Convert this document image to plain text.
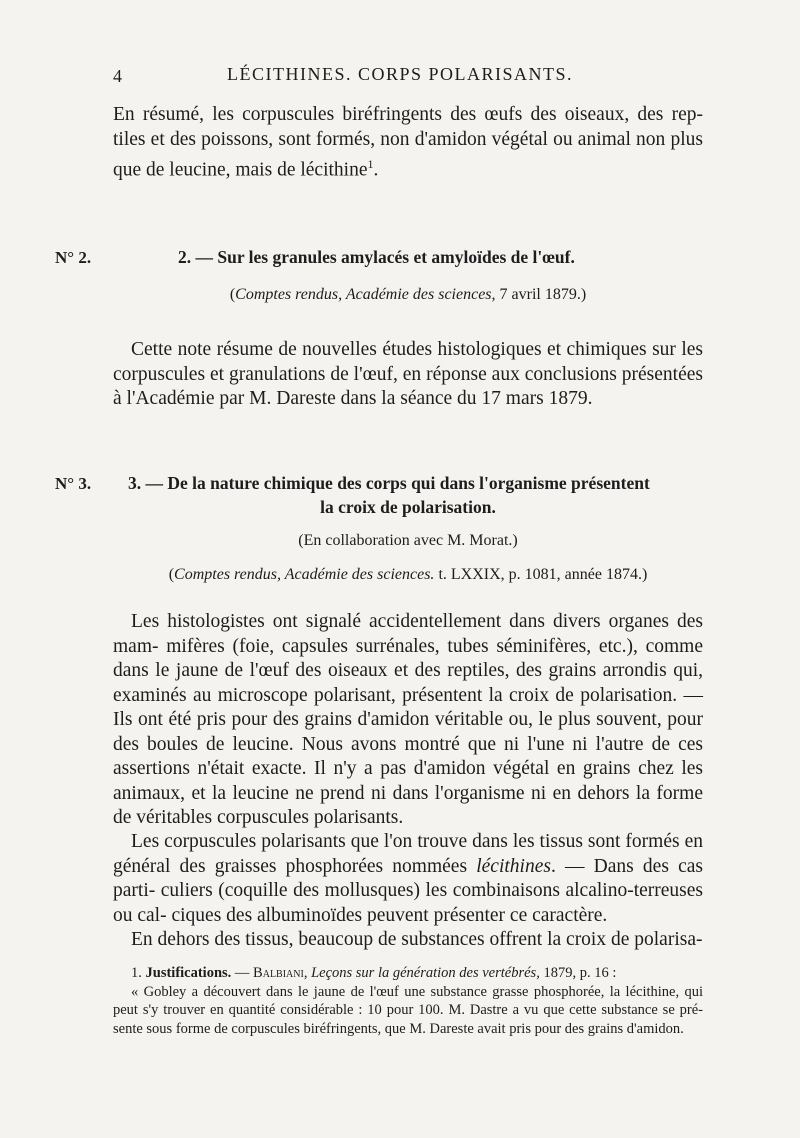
4	LÉCITHINES. CORPS POLARISANTS.
En résumé, les corpuscules biréfringents des œufs des oiseaux, des rep- tiles et des poissons, sont formés, non d'amidon végétal ou animal non plus que de leucine, mais de lécithine$^1$.
N° 2.	2. — Sur les granules amylacés et amyloïdes de l'œuf.
(Comptes rendus, Académie des sciences, 7 avril 1879.)
Cette note résume de nouvelles études histologiques et chimiques sur les corpuscules et granulations de l'œuf, en réponse aux conclusions présentées à l'Académie par M. Dareste dans la séance du 17 mars 1879.
N° 3. 3. — De la nature chimique des corps qui dans l'organisme présentent
la croix de polarisation.
(En collaboration avec M. Morat.)
(Comptes rendus, Académie des sciences. t. LXXIX, p. 1081, année 1874.)
Les histologistes ont signalé accidentellement dans divers organes des mam- mifères (foie, capsules surrénales, tubes séminifères, etc.), comme dans le jaune de l'œuf des oiseaux et des reptiles, des grains arrondis qui, examinés au microscope polarisant, présentent la croix de polarisation. — Ils ont été pris pour des grains d'amidon véritable ou, le plus souvent, pour des boules de leucine. Nous avons montré que ni l'une ni l'autre de ces assertions n'était exacte. Il n'y a pas d'amidon végétal en grains chez les animaux, et la leucine ne prend ni dans l'organisme ni en dehors la forme de véritables corpuscules polarisants.
Les corpuscules polarisants que l'on trouve dans les tissus sont formés en général des graisses phosphorées nommées lécithines. — Dans des cas parti- culiers (coquille des mollusques) les combinaisons alcalino-terreuses ou cal- ciques des albuminoïdes peuvent présenter ce caractère.
En dehors des tissus, beaucoup de substances offrent la croix de polarisa-
1. Justifications. — Balbiani, Leçons sur la génération des vertébrés, 1879, p. 16 :
« Gobley a découvert dans le jaune de l'œuf une substance grasse phosphorée, la lécithine, qui peut s'y trouver en quantité considérable : 10 pour 100. M. Dastre a vu que cette substance se pré- sente sous forme de corpuscules biréfringents, que M. Dareste avait pris pour des grains d'amidon.
